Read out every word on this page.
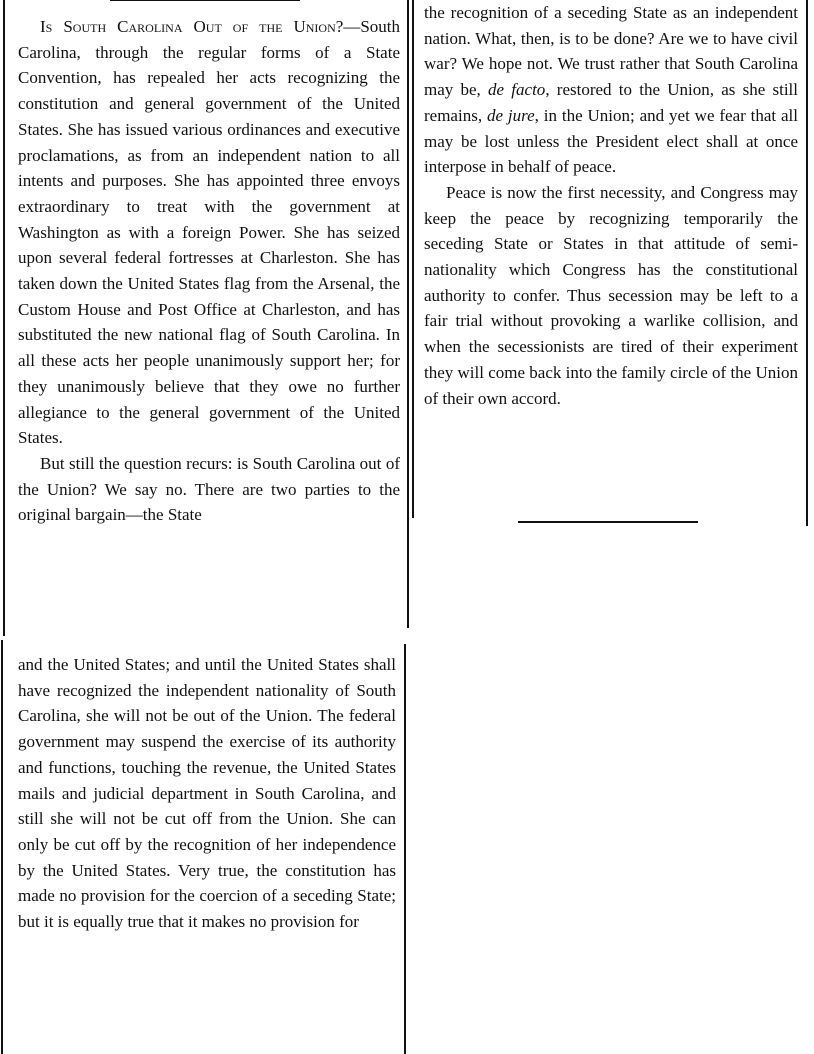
Is South Carolina Out of the Union?—South Carolina, through the regular forms of a State Convention, has repealed her acts recognizing the constitution and general government of the United States. She has issued various ordinances and executive proclamations, as from an independent nation to all intents and purposes. She has appointed three envoys extraordinary to treat with the government at Washington as with a foreign Power. She has seized upon several federal fortresses at Charleston. She has taken down the United States flag from the Arsenal, the Custom House and Post Office at Charleston, and has substituted the new national flag of South Carolina. In all these acts her people unanimously support her; for they unanimously believe that they owe no further allegiance to the general government of the United States.

But still the question recurs: is South Carolina out of the Union? We say no. There are two parties to the original bargain—the State

and the United States; and until the United States shall have recognized the independent nationality of South Carolina, she will not be out of the Union. The federal government may suspend the exercise of its authority and functions, touching the revenue, the United States mails and judicial department in South Carolina, and still she will not be cut off from the Union. She can only be cut off by the recognition of her independence by the United States. Very true, the constitution has made no provision for the coercion of a seceding State; but it is equally true that it makes no provision for

the recognition of a seceding State as an independent nation. What, then, is to be done? Are we to have civil war? We hope not. We trust rather that South Carolina may be, de facto, restored to the Union, as she still remains, de jure, in the Union; and yet we fear that all may be lost unless the President elect shall at once interpose in behalf of peace.

Peace is now the first necessity, and Congress may keep the peace by recognizing temporarily the seceding State or States in that attitude of semi-nationality which Congress has the constitutional authority to confer. Thus secession may be left to a fair trial without provoking a warlike collision, and when the secessionists are tired of their experiment they will come back into the family circle of the Union of their own accord.
